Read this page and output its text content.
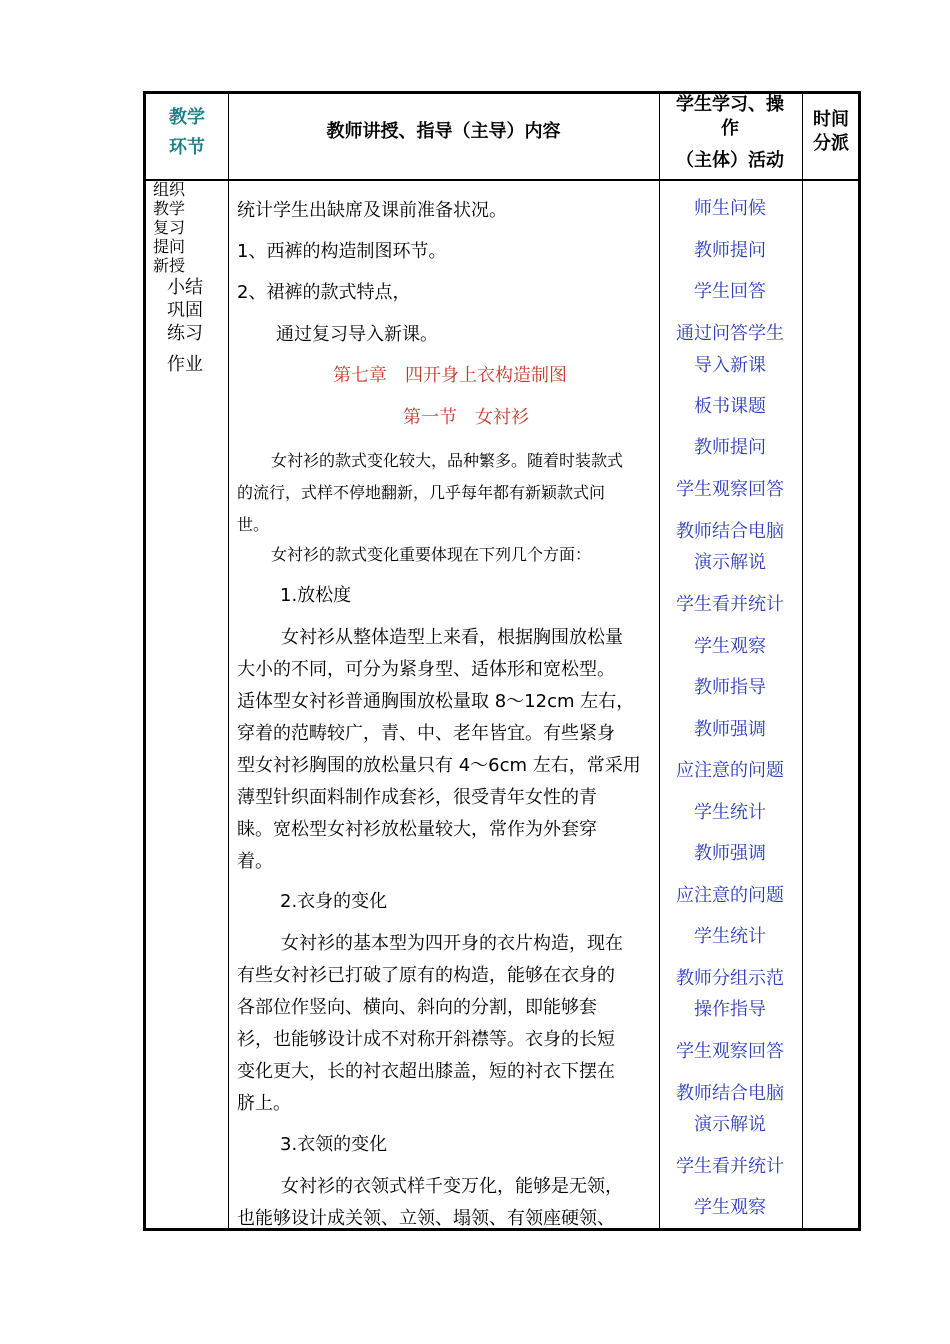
教学
环节
教师讲授、指导（主导）内容
学生学习、操
作
（主体）活动
时间
分派
组织
教学
复习
提问
新授
小结
巩固
练习
作业
统计学生出缺席及课前准备状况。
1、西裤的构造制图环节。
2、裙裤的款式特点，
通过复习导入新课。
第七章　四开身上衣构造制图
第一节　女衬衫
女衬衫的款式变化较大，品种繁多。随着时装款式
的流行，式样不停地翻新，几乎每年都有新颖款式问
世。
女衬衫的款式变化重要体现在下列几个方面：
1.放松度
女衬衫从整体造型上来看，根据胸围放松量
大小的不同，可分为紧身型、适体形和宽松型。
适体型女衬衫普通胸围放松量取 8～12cm 左右，
穿着的范畴较广，青、中、老年皆宜。有些紧身
型女衬衫胸围的放松量只有 4～6cm 左右，常采用
薄型针织面料制作成套衫，很受青年女性的青
睐。宽松型女衬衫放松量较大，常作为外套穿
着。
2.衣身的变化
女衬衫的基本型为四开身的衣片构造，现在
有些女衬衫已打破了原有的构造，能够在衣身的
各部位作竖向、横向、斜向的分割，即能够套
衫，也能够设计成不对称开斜襟等。衣身的长短
变化更大，长的衬衣超出膝盖，短的衬衣下摆在
脐上。
3.衣领的变化
女衬衫的衣领式样千变万化，能够是无领，
也能够设计成关领、立领、塌领、有领座硬领、
师生问候
教师提问
学生回答
通过问答学生
导入新课
板书课题
教师提问
学生观察回答
教师结合电脑
演示解说
学生看并统计
学生观察
教师指导
教师强调
应注意的问题
学生统计
教师强调
应注意的问题
学生统计
教师分组示范
操作指导
学生观察回答
教师结合电脑
演示解说
学生看并统计
学生观察
